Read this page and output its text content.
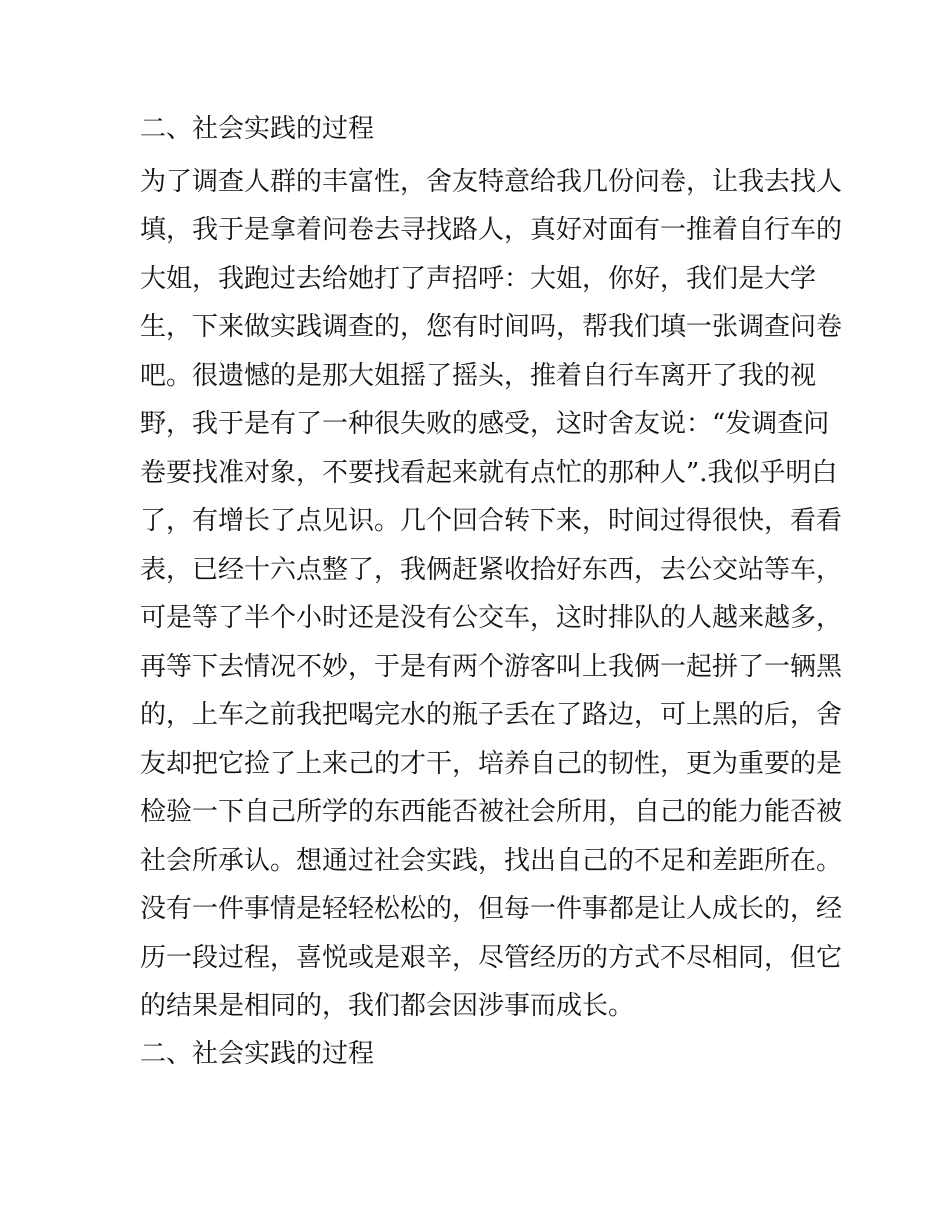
二、社会实践的过程
为了调查人群的丰富性，舍友特意给我几份问卷，让我去找人
填，我于是拿着问卷去寻找路人，真好对面有一推着自行车的
大姐，我跑过去给她打了声招呼：大姐，你好，我们是大学
生，下来做实践调查的，您有时间吗，帮我们填一张调查问卷
吧。很遗憾的是那大姐摇了摇头，推着自行车离开了我的视
野，我于是有了一种很失败的感受，这时舍友说：“发调查问
卷要找准对象，不要找看起来就有点忙的那种人”.我似乎明白
了，有增长了点见识。几个回合转下来，时间过得很快，看看
表，已经十六点整了，我俩赶紧收拾好东西，去公交站等车，
可是等了半个小时还是没有公交车，这时排队的人越来越多，
再等下去情况不妙，于是有两个游客叫上我俩一起拼了一辆黑
的，上车之前我把喝完水的瓶子丢在了路边，可上黑的后，舍
友却把它捡了上来己的才干，培养自己的韧性，更为重要的是
检验一下自己所学的东西能否被社会所用，自己的能力能否被
社会所承认。想通过社会实践，找出自己的不足和差距所在。
没有一件事情是轻轻松松的，但每一件事都是让人成长的，经
历一段过程，喜悦或是艰辛，尽管经历的方式不尽相同，但它
的结果是相同的，我们都会因涉事而成长。
二、社会实践的过程
